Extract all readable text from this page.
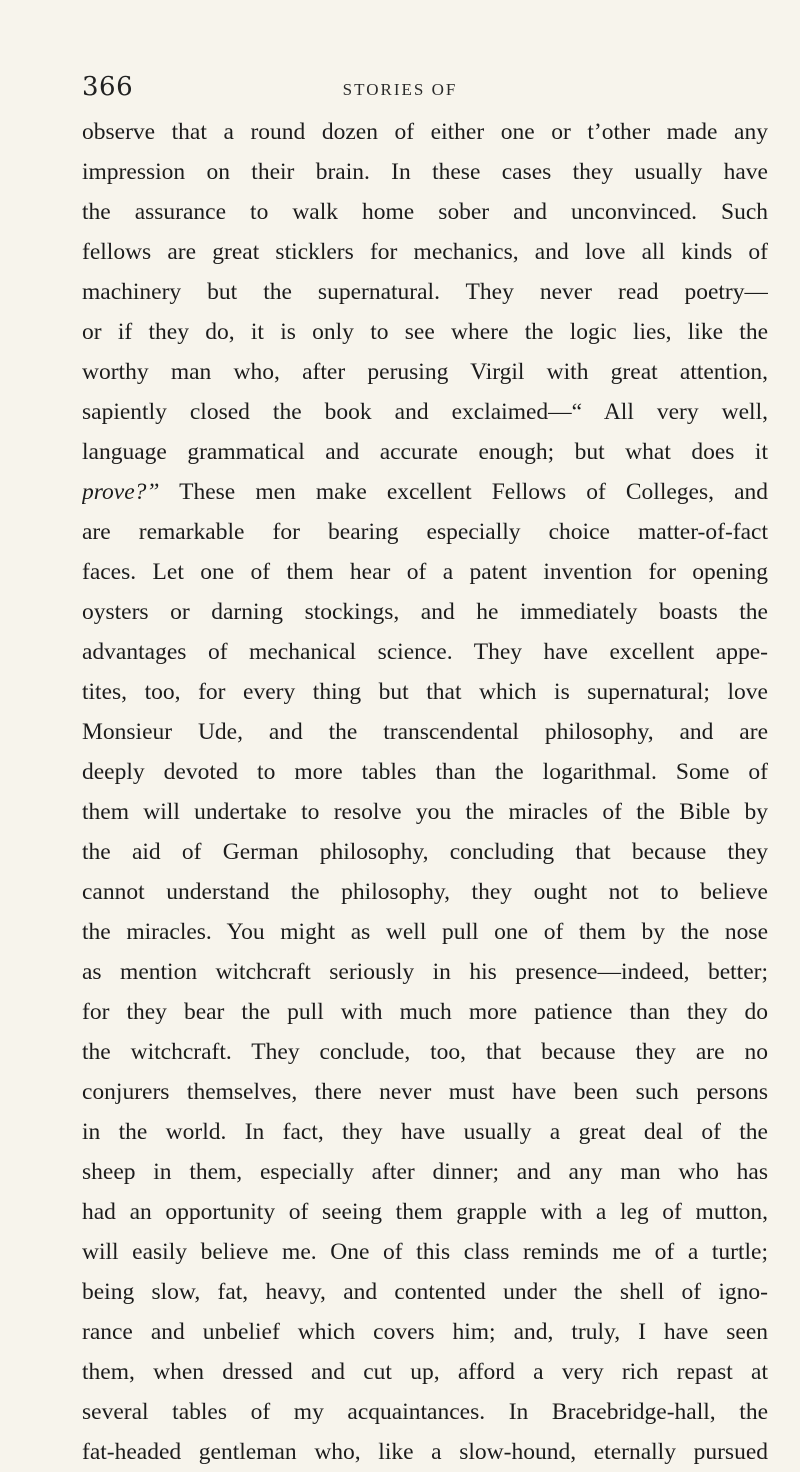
366	STORIES OF
observe that a round dozen of either one or t’other made any
impression on their brain. In these cases they usually have
the assurance to walk home sober and unconvinced. Such
fellows are great sticklers for mechanics, and love all kinds of
machinery but the supernatural. They never read poetry—
or if they do, it is only to see where the logic lies, like the
worthy man who, after perusing Virgil with great attention,
sapiently closed the book and exclaimed—“ All very well,
language grammatical and accurate enough; but what does it
prove?” These men make excellent Fellows of Colleges, and
are remarkable for bearing especially choice matter-of-fact
faces. Let one of them hear of a patent invention for opening
oysters or darning stockings, and he immediately boasts the
advantages of mechanical science. They have excellent appe-
tites, too, for every thing but that which is supernatural; love
Monsieur Ude, and the transcendental philosophy, and are
deeply devoted to more tables than the logarithmal. Some of
them will undertake to resolve you the miracles of the Bible by
the aid of German philosophy, concluding that because they
cannot understand the philosophy, they ought not to believe
the miracles. You might as well pull one of them by the nose
as mention witchcraft seriously in his presence—indeed, better;
for they bear the pull with much more patience than they do
the witchcraft. They conclude, too, that because they are no
conjurers themselves, there never must have been such persons
in the world. In fact, they have usually a great deal of the
sheep in them, especially after dinner; and any man who has
had an opportunity of seeing them grapple with a leg of mutton,
will easily believe me. One of this class reminds me of a turtle;
being slow, fat, heavy, and contented under the shell of igno-
rance and unbelief which covers him; and, truly, I have seen
them, when dressed and cut up, afford a very rich repast at
several tables of my acquaintances. In Bracebridge-hall, the
fat-headed gentleman who, like a slow-hound, eternally pursued
